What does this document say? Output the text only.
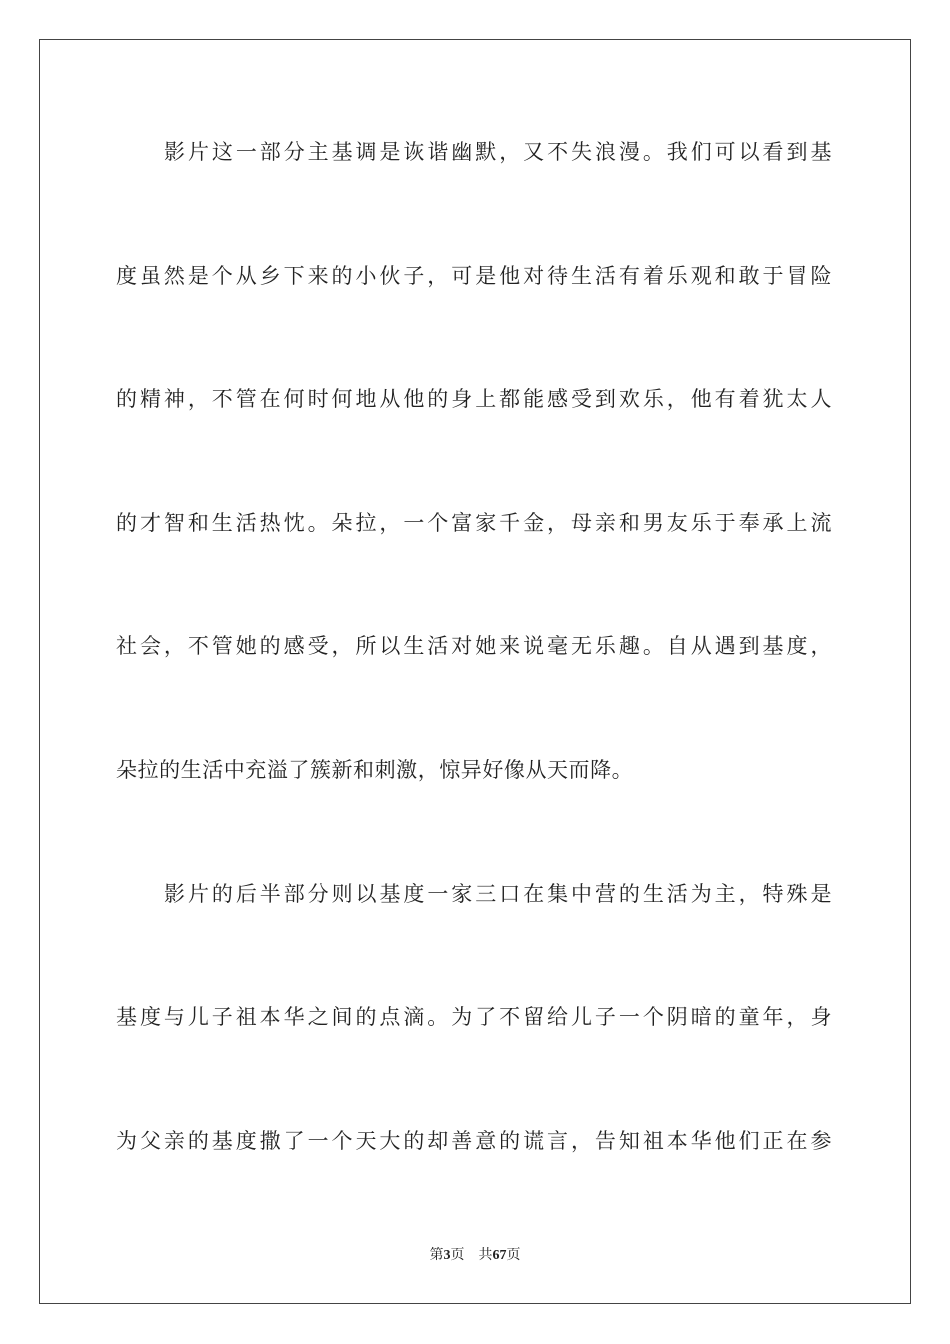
影片这一部分主基调是诙谐幽默，又不失浪漫。我们可以看到基
度虽然是个从乡下来的小伙子，可是他对待生活有着乐观和敢于冒险
的精神，不管在何时何地从他的身上都能感受到欢乐，他有着犹太人
的才智和生活热忱。朵拉，一个富家千金，母亲和男友乐于奉承上流
社会，不管她的感受，所以生活对她来说毫无乐趣。自从遇到基度，
朵拉的生活中充溢了簇新和刺激，惊异好像从天而降。
影片的后半部分则以基度一家三口在集中营的生活为主，特殊是
基度与儿子祖本华之间的点滴。为了不留给儿子一个阴暗的童年，身
为父亲的基度撒了一个天大的却善意的谎言，告知祖本华他们正在参
第3页 共67页
